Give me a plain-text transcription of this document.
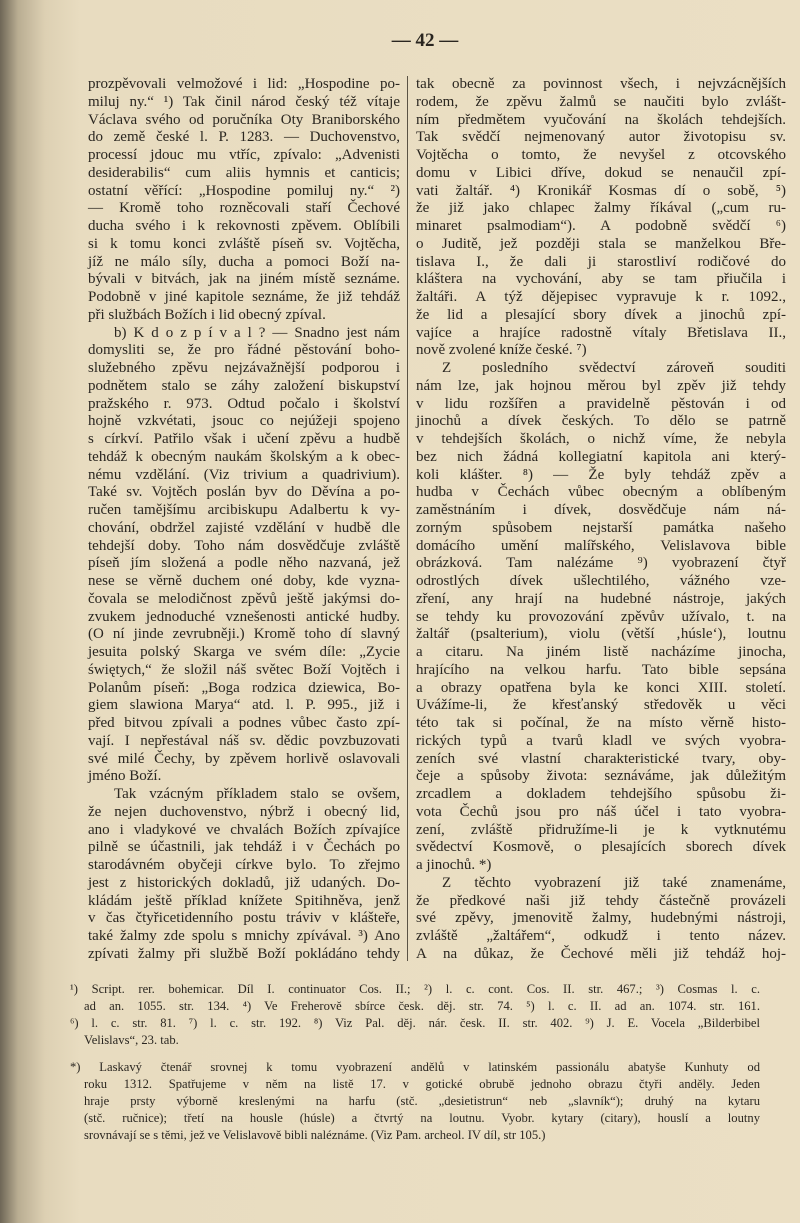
— 42 —
prozpěvovali velmožové i lid: „Hospodine po-
miluj ny.“ ¹) Tak činil národ český též vítaje
Václava svého od poručníka Oty Braniborského
do země české l. P. 1283. — Duchovenstvo,
processí jdouc mu vtříc, zpívalo: „Advenisti
desiderabilis“ cum aliis hymnis et canticis;
ostatní věřící: „Hospodine pomiluj ny.“ ²)
— Kromě toho rozněcovali staří Čechové
ducha svého i k rekovnosti zpěvem. Oblíbili
si k tomu konci zvláště píseň sv. Vojtěcha,
jíž ne málo síly, ducha a pomoci Boží na-
bývali v bitvách, jak na jiném místě seznáme.
Podobně v jiné kapitole seznáme, že již tehdáž
při službách Božích i lid obecný zpíval.
b) K d o z p í v a l ? — Snadno jest nám
domysliti se, že pro řádné pěstování boho-
služebného zpěvu nejzávažnější podporou i
podnětem stalo se záhy založení biskupství
pražského r. 973. Odtud počalo i školství
hojně vzkvétati, jsouc co nejúžeji spojeno
s církví. Patřilo však i učení zpěvu a hudbě
tehdáž k obecným naukám školským a k obec-
nému vzdělání. (Viz trivium a quadrivium).
Také sv. Vojtěch poslán byv do Děvína a po-
ručen tamějšímu arcibiskupu Adalbertu k vy-
chování, obdržel zajisté vzdělání v hudbě dle
tehdejší doby. Toho nám dosvědčuje zvláště
píseň jím složená a podle něho nazvaná, jež
nese se věrně duchem oné doby, kde vyzna-
čovala se melodičnost zpěvů ještě jakýmsi do-
zvukem jednoduché vznešenosti antické hudby.
(O ní jinde zevrubněji.) Kromě toho dí slavný
jesuita polský Skarga ve svém díle: „Zycie
świętych,“ že složil náš světec Boží Vojtěch i
Polanům píseň: „Boga rodzica dziewica, Bo-
giem slawiona Marya“ atd. l. P. 995., již i
před bitvou zpívali a podnes vůbec často zpí-
vají. I nepřestával náš sv. dědic povzbuzovati
své milé Čechy, by zpěvem horlivě oslavovali
jméno Boží.
Tak vzácným příkladem stalo se ovšem,
že nejen duchovenstvo, nýbrž i obecný lid,
ano i vladykové ve chvalách Božích zpívajíce
pilně se účastnili, jak tehdáž i v Čechách po
starodávném obyčeji církve bylo. To zřejmo
jest z historických dokladů, již udaných. Do-
kládám ještě příklad knížete Spitihněva, jenž
v čas čtyřicetidenního postu tráviv v klášteře,
také žalmy zde spolu s mnichy zpívával. ³) Ano
zpívati žalmy při službě Boží pokládáno tehdy
tak obecně za povinnost všech, i nejvzácnějších
rodem, že zpěvu žalmů se naučiti bylo zvlášt-
ním předmětem vyučování na školách tehdejších.
Tak svědčí nejmenovaný autor životopisu sv.
Vojtěcha o tomto, že nevyšel z otcovského
domu v Libici dříve, dokud se nenaučil zpí-
vati žaltář. ⁴) Kronikář Kosmas dí o sobě, ⁵)
že již jako chlapec žalmy říkával („cum ru-
minaret psalmodiam“). A podobně svědčí ⁶)
o Juditě, jež později stala se manželkou Bře-
tislava I., že dali ji starostliví rodičové do
kláštera na vychování, aby se tam přiučila i
žaltáři. A týž dějepisec vypravuje k r. 1092.,
že lid a plesající sbory dívek a jinochů zpí-
vajíce a hrajíce radostně vítaly Břetislava II.,
nově zvolené kníže české. ⁷)
Z posledního svědectví zároveň souditi
nám lze, jak hojnou měrou byl zpěv již tehdy
v lidu rozšířen a pravidelně pěstován i od
jinochů a dívek českých. To dělo se patrně
v tehdejších školách, o nichž víme, že nebyla
bez nich žádná kollegiatní kapitola ani který-
koli klášter. ⁸) — Že byly tehdáž zpěv a
hudba v Čechách vůbec obecným a oblíbeným
zaměstnáním i dívek, dosvědčuje nám ná-
zorným spůsobem nejstarší památka našeho
domácího umění malířského, Velislavova bible
obrázková. Tam nalézáme ⁹) vyobrazení čtyř
odrostlých dívek ušlechtilého, vážného vze-
zření, any hrají na hudebné nástroje, jakých
se tehdy ku provozování zpěvův užívalo, t. na
žaltář (psalterium), violu (větší ‚húsle‘), loutnu
a citaru. Na jiném listě nacházíme jinocha,
hrajícího na velkou harfu. Tato bible sepsána
a obrazy opatřena byla ke konci XIII. století.
Uvážíme-li, že křesťanský středověk u věci
této tak si počínal, že na místo věrně histo-
rických typů a tvarů kladl ve svých vyobra-
zeních své vlastní charakteristické tvary, oby-
čeje a spůsoby života: seznáváme, jak důležitým
zrcadlem a dokladem tehdejšího spůsobu ži-
vota Čechů jsou pro náš účel i tato vyobra-
zení, zvláště přidružíme-li je k vytknutému
svědectví Kosmově, o plesajících sborech dívek
a jinochů. *)
Z těchto vyobrazení již také znamenáme,
že předkové naši již tehdy částečně provázeli
své zpěvy, jmenovitě žalmy, hudebnými nástroji,
zvláště „žaltářem“, odkudž i tento název.
A na důkaz, že Čechové měli již tehdáž hoj-
¹) Script. rer. bohemicar. Díl I. continuator Cos. II.; ²) l. c. cont. Cos. II. str. 467.; ³) Cosmas l. c.
ad an. 1055. str. 134. ⁴) Ve Freherově sbírce česk. děj. str. 74. ⁵) l. c. II. ad an. 1074. str. 161.
⁶) l. c. str. 81. ⁷) l. c. str. 192. ⁸) Viz Pal. děj. nár. česk. II. str. 402. ⁹) J. E. Vocela „Bilderbibel
Velislavs“, 23. tab.
*) Laskavý čtenář srovnej k tomu vyobrazení andělů v latinském passionálu abatyše Kunhuty od
roku 1312. Spatřujeme v něm na listě 17. v gotické obrubě jednoho obrazu čtyři anděly. Jeden
hraje prsty výborně kreslenými na harfu (stč. „desietistrun“ neb „slavník“); druhý na kytaru
(stč. ručnice); třetí na housle (húsle) a čtvrtý na loutnu. Vyobr. kytary (citary), houslí a loutny
srovnávají se s těmi, jež ve Velislavově bibli naléznáme. (Viz Pam. archeol. IV díl, str 105.)
